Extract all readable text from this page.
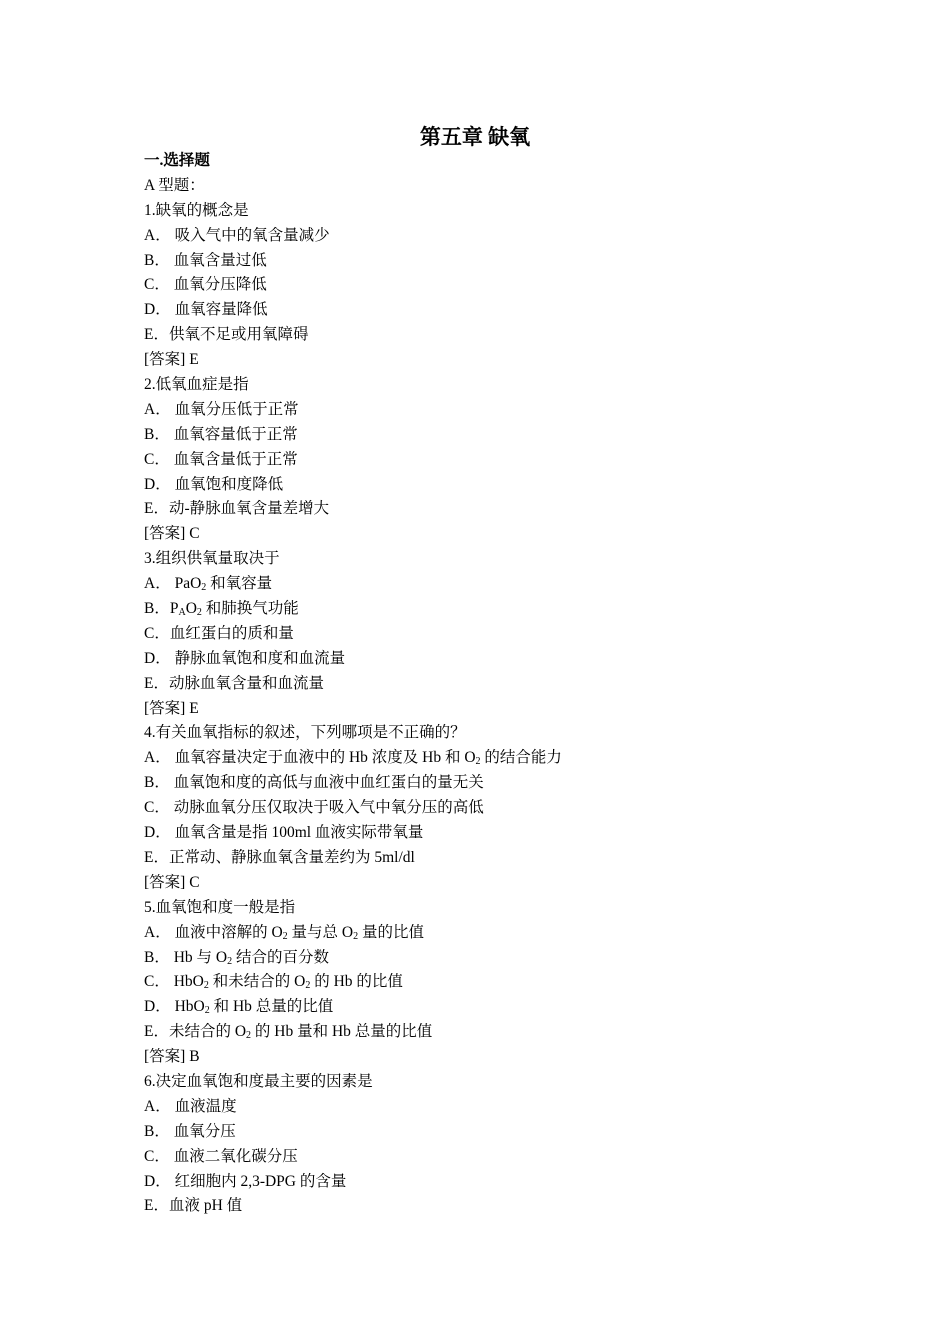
第五章 缺氧
一.选择题
A 型题：
1.缺氧的概念是
A． 吸入气中的氧含量减少
B． 血氧含量过低
C． 血氧分压降低
D． 血氧容量降低
E．供氧不足或用氧障碍
[答案] E
2.低氧血症是指
A． 血氧分压低于正常
B． 血氧容量低于正常
C． 血氧含量低于正常
D． 血氧饱和度降低
E．动-静脉血氧含量差增大
[答案] C
3.组织供氧量取决于
A． PaO$_2$ 和氧容量
B．$P_AO_2$ 和肺换气功能
C．血红蛋白的质和量
D． 静脉血氧饱和度和血流量
E．动脉血氧含量和血流量
[答案] E
4.有关血氧指标的叙述，下列哪项是不正确的？
A． 血氧容量决定于血液中的 Hb 浓度及 Hb 和 $O_2$ 的结合能力
B． 血氧饱和度的高低与血液中血红蛋白的量无关
C． 动脉血氧分压仅取决于吸入气中氧分压的高低
D． 血氧含量是指 100ml 血液实际带氧量
E．正常动、静脉血氧含量差约为 5ml/dl
[答案] C
5.血氧饱和度一般是指
A． 血液中溶解的 $O_2$ 量与总 $O_2$ 量的比值
B． Hb 与 $O_2$ 结合的百分数
C． HbO$_2$ 和未结合的 $O_2$ 的 Hb 的比值
D． HbO$_2$ 和 Hb 总量的比值
E．未结合的 $O_2$ 的 Hb 量和 Hb 总量的比值
[答案] B
6.决定血氧饱和度最主要的因素是
A． 血液温度
B． 血氧分压
C． 血液二氧化碳分压
D． 红细胞内 2,3-DPG 的含量
E．血液 pH 值
